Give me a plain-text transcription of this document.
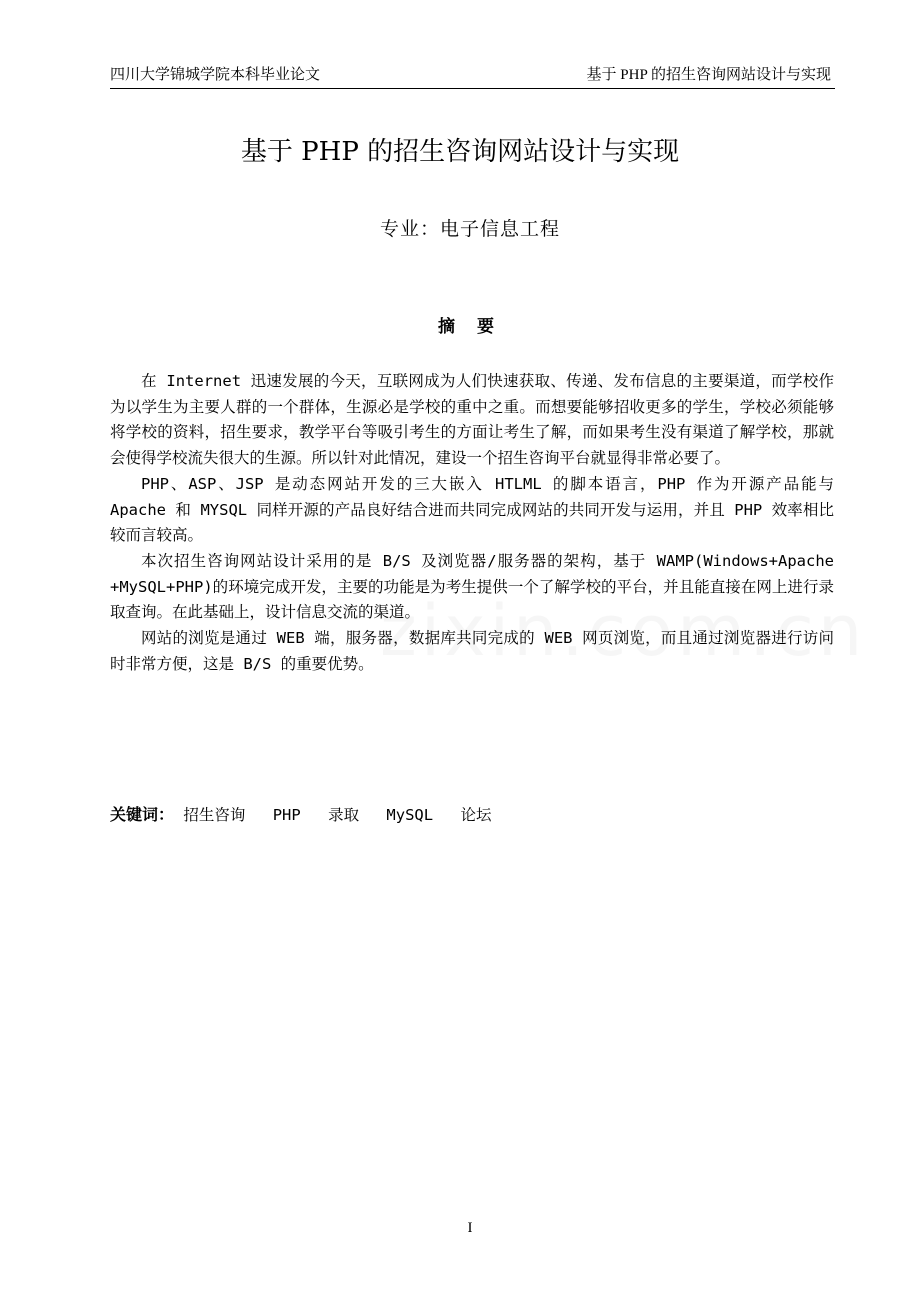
四川大学锦城学院本科毕业论文	基于 PHP 的招生咨询网站设计与实现
基于 PHP 的招生咨询网站设计与实现
专业：电子信息工程
摘 要

在 Internet 迅速发展的今天，互联网成为人们快速获取、传递、发布信息的主要渠道，而学校作为以学生为主要人群的一个群体，生源必是学校的重中之重。而想要能够招收更多的学生，学校必须能够将学校的资料，招生要求，教学平台等吸引考生的方面让考生了解，而如果考生没有渠道了解学校，那就会使得学校流失很大的生源。所以针对此情况，建设一个招生咨询平台就显得非常必要了。

PHP、ASP、JSP 是动态网站开发的三大嵌入 HTLML 的脚本语言，PHP 作为开源产品能与 Apache 和 MYSQL 同样开源的产品良好结合进而共同完成网站的共同开发与运用，并且 PHP 效率相比较而言较高。

本次招生咨询网站设计采用的是 B/S 及浏览器/服务器的架构，基于 WAMP(Windows+Apache +MySQL+PHP)的环境完成开发，主要的功能是为考生提供一个了解学校的平台，并且能直接在网上进行录取查询。在此基础上，设计信息交流的渠道。

网站的浏览是通过 WEB 端，服务器，数据库共同完成的 WEB 网页浏览，而且通过浏览器进行访问时非常方便，这是 B/S 的重要优势。

关键词： 招生咨询 PHP 录取 MySQL 论坛
I
